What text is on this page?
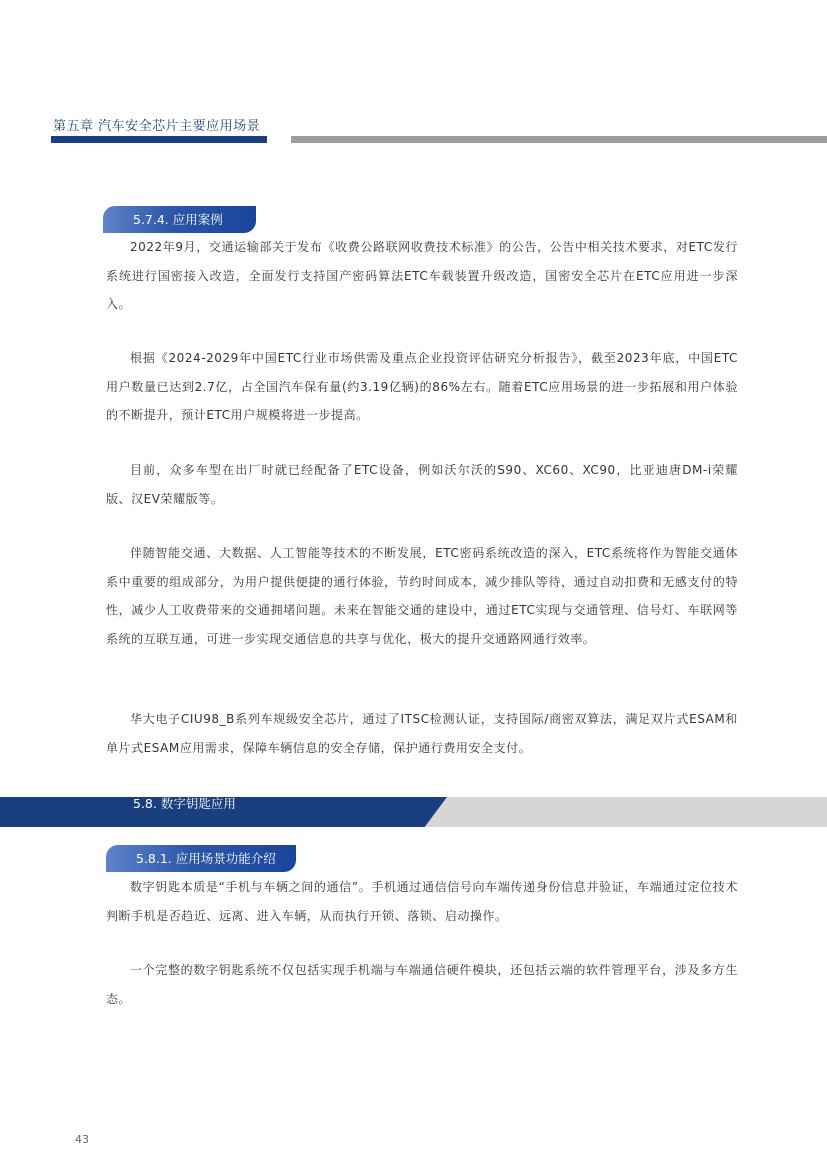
第五章 汽车安全芯片主要应用场景
5.7.4. 应用案例

2022年9月，交通运输部关于发布《收费公路联网收费技术标准》的公告，公告中相关技术要求，对ETC发行系统进行国密接入改造，全面发行支持国产密码算法ETC车载装置升级改造，国密安全芯片在ETC应用进一步深入。

根据《2024-2029年中国ETC行业市场供需及重点企业投资评估研究分析报告》，截至2023年底，中国ETC用户数量已达到2.7亿，占全国汽车保有量(约3.19亿辆)的86%左右。随着ETC应用场景的进一步拓展和用户体验的不断提升，预计ETC用户规模将进一步提高。

目前，众多车型在出厂时就已经配备了ETC设备，例如沃尔沃的S90、XC60、XC90，比亚迪唐DM-i荣耀版、汉EV荣耀版等。

伴随智能交通、大数据、人工智能等技术的不断发展，ETC密码系统改造的深入，ETC系统将作为智能交通体系中重要的组成部分，为用户提供便捷的通行体验，节约时间成本，减少排队等待，通过自动扣费和无感支付的特性，减少人工收费带来的交通拥堵问题。未来在智能交通的建设中，通过ETC实现与交通管理、信号灯、车联网等系统的互联互通，可进一步实现交通信息的共享与优化，极大的提升交通路网通行效率。

华大电子CIU98_B系列车规级安全芯片，通过了ITSC检测认证，支持国际/商密双算法，满足双片式ESAM和单片式ESAM应用需求，保障车辆信息的安全存储，保护通行费用安全支付。

5.8. 数字钥匙应用
5.8.1. 应用场景功能介绍

数字钥匙本质是“手机与车辆之间的通信”。手机通过通信信号向车端传递身份信息并验证，车端通过定位技术判断手机是否趋近、远离、进入车辆，从而执行开锁、落锁、启动操作。

一个完整的数字钥匙系统不仅包括实现手机端与车端通信硬件模块，还包括云端的软件管理平台，涉及多方生态。

43
